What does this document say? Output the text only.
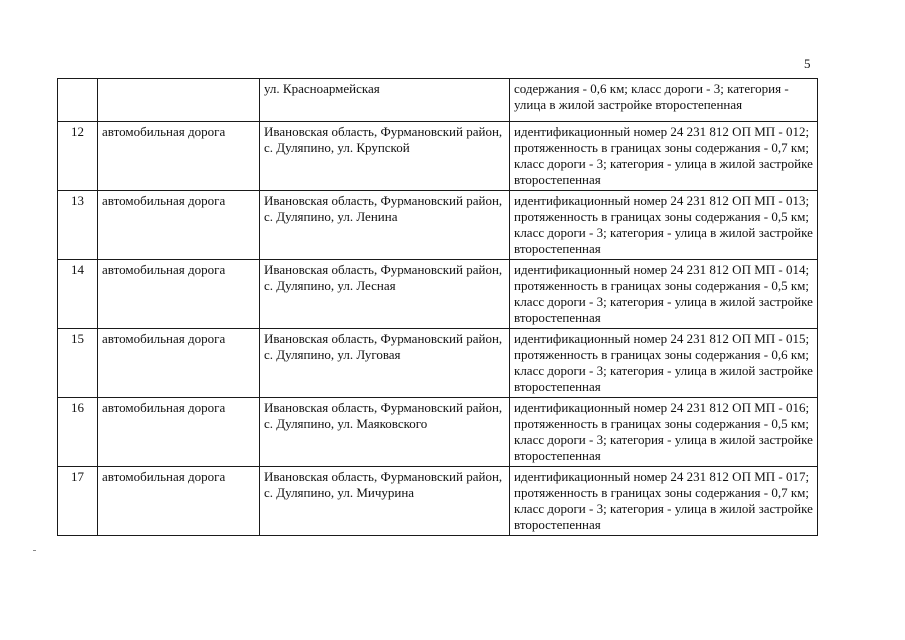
5
		ул. Красноармейская	содержания - 0,6 км; класс дороги - 3; категория - улица в жилой застройке второстепенная
12	автомобильная дорога	Ивановская область, Фурмановский район, с. Дуляпино, ул. Крупской	идентификационный номер 24 231 812 ОП МП - 012; протяженность в границах зоны содержания - 0,7 км; класс дороги - 3; категория - улица в жилой застройке второстепенная
13	автомобильная дорога	Ивановская область, Фурмановский район, с. Дуляпино, ул. Ленина	идентификационный номер 24 231 812 ОП МП - 013; протяженность в границах зоны содержания - 0,5 км; класс дороги - 3; категория - улица в жилой застройке второстепенная
14	автомобильная дорога	Ивановская область, Фурмановский район, с. Дуляпино, ул. Лесная	идентификационный номер 24 231 812 ОП МП - 014; протяженность в границах зоны содержания - 0,5 км; класс дороги - 3; категория - улица в жилой застройке второстепенная
15	автомобильная дорога	Ивановская область, Фурмановский район, с. Дуляпино, ул. Луговая	идентификационный номер 24 231 812 ОП МП - 015; протяженность в границах зоны содержания - 0,6 км; класс дороги - 3; категория - улица в жилой застройке второстепенная
16	автомобильная дорога	Ивановская область, Фурмановский район, с. Дуляпино, ул. Маяковского	идентификационный номер 24 231 812 ОП МП - 016; протяженность в границах зоны содержания - 0,5 км; класс дороги - 3; категория - улица в жилой застройке второстепенная
17	автомобильная дорога	Ивановская область, Фурмановский район, с. Дуляпино, ул. Мичурина	идентификационный номер 24 231 812 ОП МП - 017; протяженность в границах зоны содержания - 0,7 км; класс дороги - 3; категория - улица в жилой застройке второстепенная
